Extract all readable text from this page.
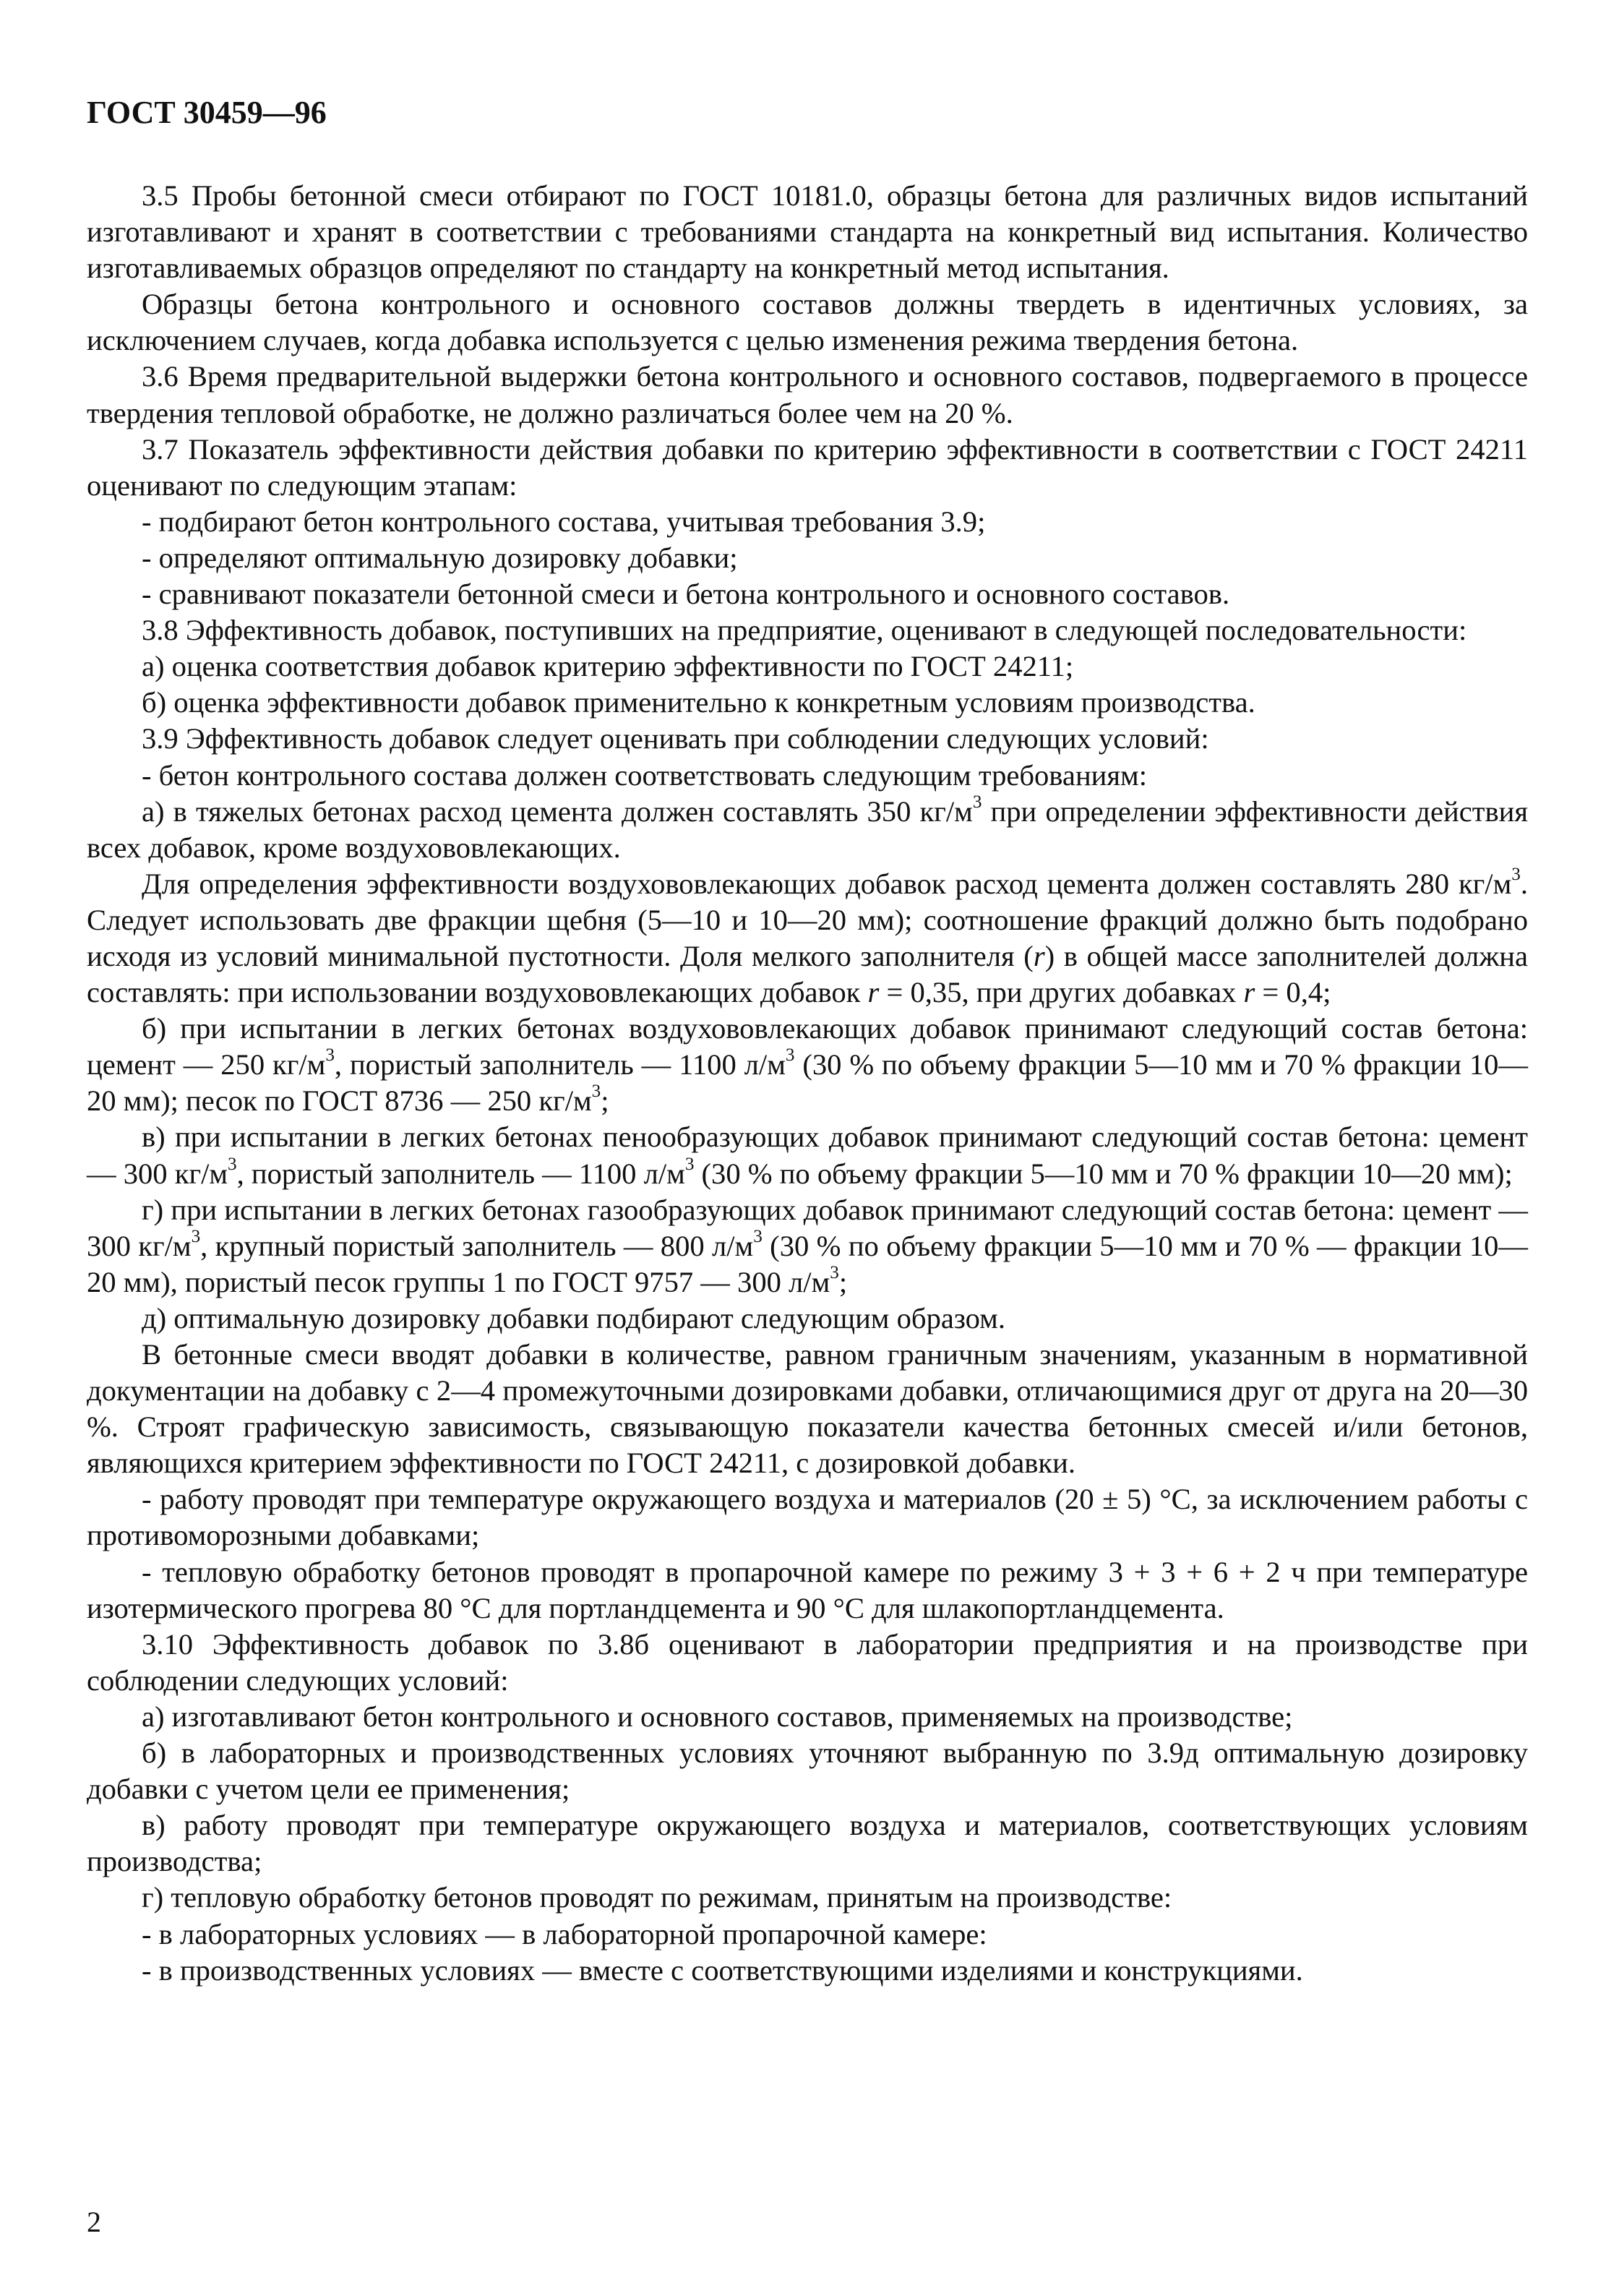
ГОСТ 30459—96

3.5 Пробы бетонной смеси отбирают по ГОСТ 10181.0, образцы бетона для различных видов испытаний изготавливают и хранят в соответствии с требованиями стандарта на конкретный вид испытания. Количество изготавливаемых образцов определяют по стандарту на конкретный метод испытания.

Образцы бетона контрольного и основного составов должны твердеть в идентичных условиях, за исключением случаев, когда добавка используется с целью изменения режима твердения бетона.

3.6 Время предварительной выдержки бетона контрольного и основного составов, подвергаемого в процессе твердения тепловой обработке, не должно различаться более чем на 20 %.

3.7 Показатель эффективности действия добавки по критерию эффективности в соответствии с ГОСТ 24211 оценивают по следующим этапам:

- подбирают бетон контрольного состава, учитывая требования 3.9;

- определяют оптимальную дозировку добавки;

- сравнивают показатели бетонной смеси и бетона контрольного и основного составов.

3.8 Эффективность добавок, поступивших на предприятие, оценивают в следующей последовательности:

а) оценка соответствия добавок критерию эффективности по ГОСТ 24211;

б) оценка эффективности добавок применительно к конкретным условиям производства.

3.9 Эффективность добавок следует оценивать при соблюдении следующих условий:

- бетон контрольного состава должен соответствовать следующим требованиям:

а) в тяжелых бетонах расход цемента должен составлять 350 $кг/м^3$ при определении эффективности действия всех добавок, кроме воздухововлекающих.

Для определения эффективности воздухововлекающих добавок расход цемента должен составлять 280 $кг/м^3$. Следует использовать две фракции щебня (5—10 и 10—20 мм); соотношение фракций должно быть подобрано исходя из условий минимальной пустотности. Доля мелкого заполнителя (r) в общей массе заполнителей должна составлять: при использовании воздухововлекающих добавок r = 0,35, при других добавках r = 0,4;

б) при испытании в легких бетонах воздухововлекающих добавок принимают следующий состав бетона: цемент — 250 $кг/м^3$, пористый заполнитель — 1100 $л/м^3$ (30 % по объему фракции 5—10 мм и 70 % фракции 10—20 мм); песок по ГОСТ 8736 — 250 $кг/м^3$;

в) при испытании в легких бетонах пенообразующих добавок принимают следующий состав бетона: цемент — 300 $кг/м^3$, пористый заполнитель — 1100 $л/м^3$ (30 % по объему фракции 5—10 мм и 70 % фракции 10—20 мм);

г) при испытании в легких бетонах газообразующих добавок принимают следующий состав бетона: цемент — 300 $кг/м^3$, крупный пористый заполнитель — 800 $л/м^3$ (30 % по объему фракции 5—10 мм и 70 % — фракции 10—20 мм), пористый песок группы 1 по ГОСТ 9757 — 300 $л/м^3$;

д) оптимальную дозировку добавки подбирают следующим образом.

В бетонные смеси вводят добавки в количестве, равном граничным значениям, указанным в нормативной документации на добавку с 2—4 промежуточными дозировками добавки, отличающимися друг от друга на 20—30 %. Строят графическую зависимость, связывающую показатели качества бетонных смесей и/или бетонов, являющихся критерием эффективности по ГОСТ 24211, с дозировкой добавки.

- работу проводят при температуре окружающего воздуха и материалов (20 ± 5) °С, за исключением работы с противоморозными добавками;

- тепловую обработку бетонов проводят в пропарочной камере по режиму 3 + 3 + 6 + 2 ч при температуре изотермического прогрева 80 °С для портландцемента и 90 °С для шлакопортландцемента.

3.10 Эффективность добавок по 3.8б оценивают в лаборатории предприятия и на производстве при соблюдении следующих условий:

а) изготавливают бетон контрольного и основного составов, применяемых на производстве;

б) в лабораторных и производственных условиях уточняют выбранную по 3.9д оптимальную дозировку добавки с учетом цели ее применения;

в) работу проводят при температуре окружающего воздуха и материалов, соответствующих условиям производства;

г) тепловую обработку бетонов проводят по режимам, принятым на производстве:

- в лабораторных условиях — в лабораторной пропарочной камере:

- в производственных условиях — вместе с соответствующими изделиями и конструкциями.

2
